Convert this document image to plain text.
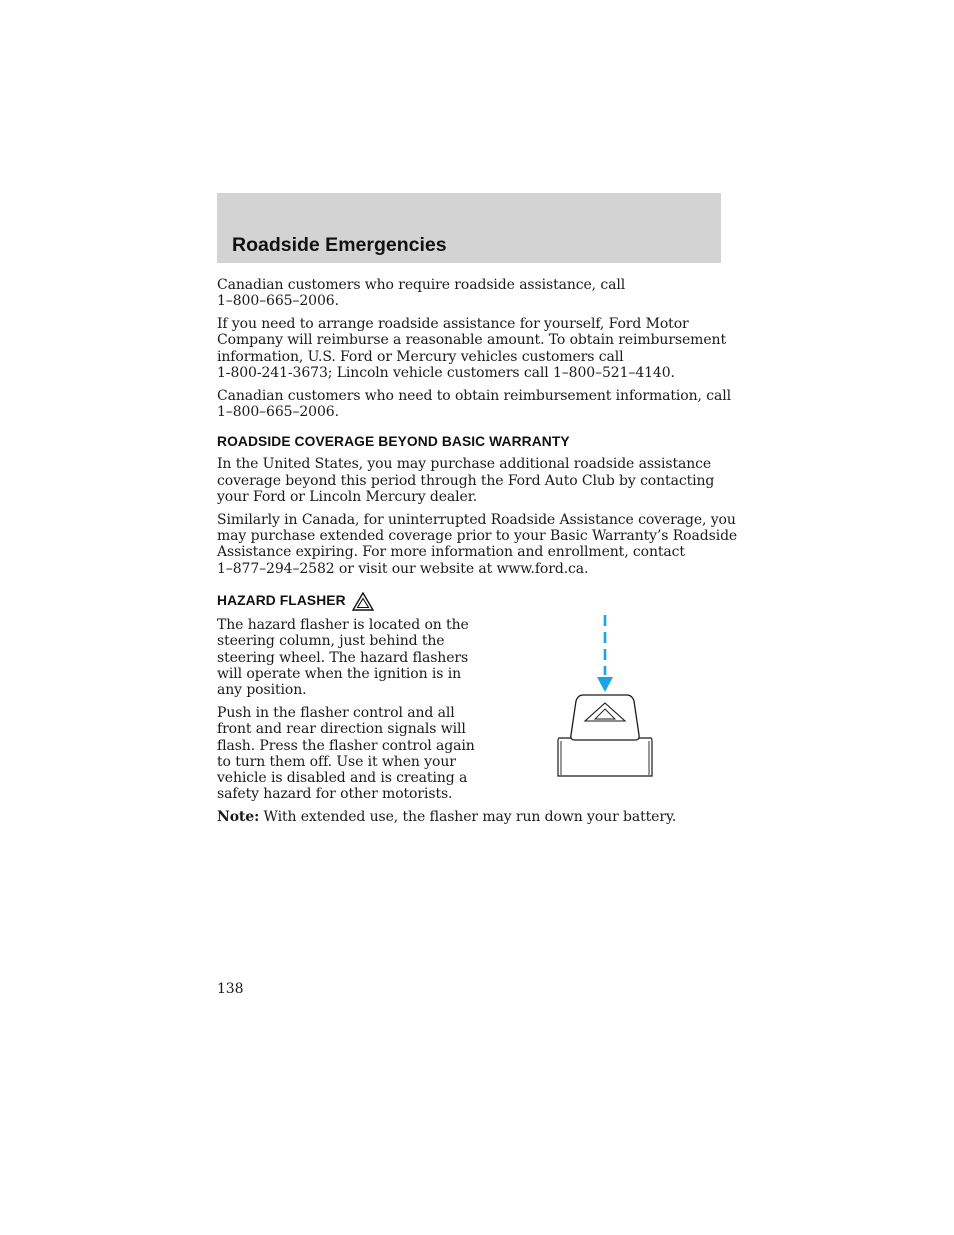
Roadside Emergencies

Canadian customers who require roadside assistance, call
1–800–665–2006.

If you need to arrange roadside assistance for yourself, Ford Motor
Company will reimburse a reasonable amount. To obtain reimbursement
information, U.S. Ford or Mercury vehicles customers call
1-800-241-3673; Lincoln vehicle customers call 1–800–521–4140.

Canadian customers who need to obtain reimbursement information, call
1–800–665–2006.

ROADSIDE COVERAGE BEYOND BASIC WARRANTY

In the United States, you may purchase additional roadside assistance
coverage beyond this period through the Ford Auto Club by contacting
your Ford or Lincoln Mercury dealer.

Similarly in Canada, for uninterrupted Roadside Assistance coverage, you
may purchase extended coverage prior to your Basic Warranty’s Roadside
Assistance expiring. For more information and enrollment, contact
1–877–294–2582 or visit our website at www.ford.ca.

HAZARD FLASHER

The hazard flasher is located on the
steering column, just behind the
steering wheel. The hazard flashers
will operate when the ignition is in
any position.

Push in the flasher control and all
front and rear direction signals will
flash. Press the flasher control again
to turn them off. Use it when your
vehicle is disabled and is creating a
safety hazard for other motorists.

Note: With extended use, the flasher may run down your battery.

138
